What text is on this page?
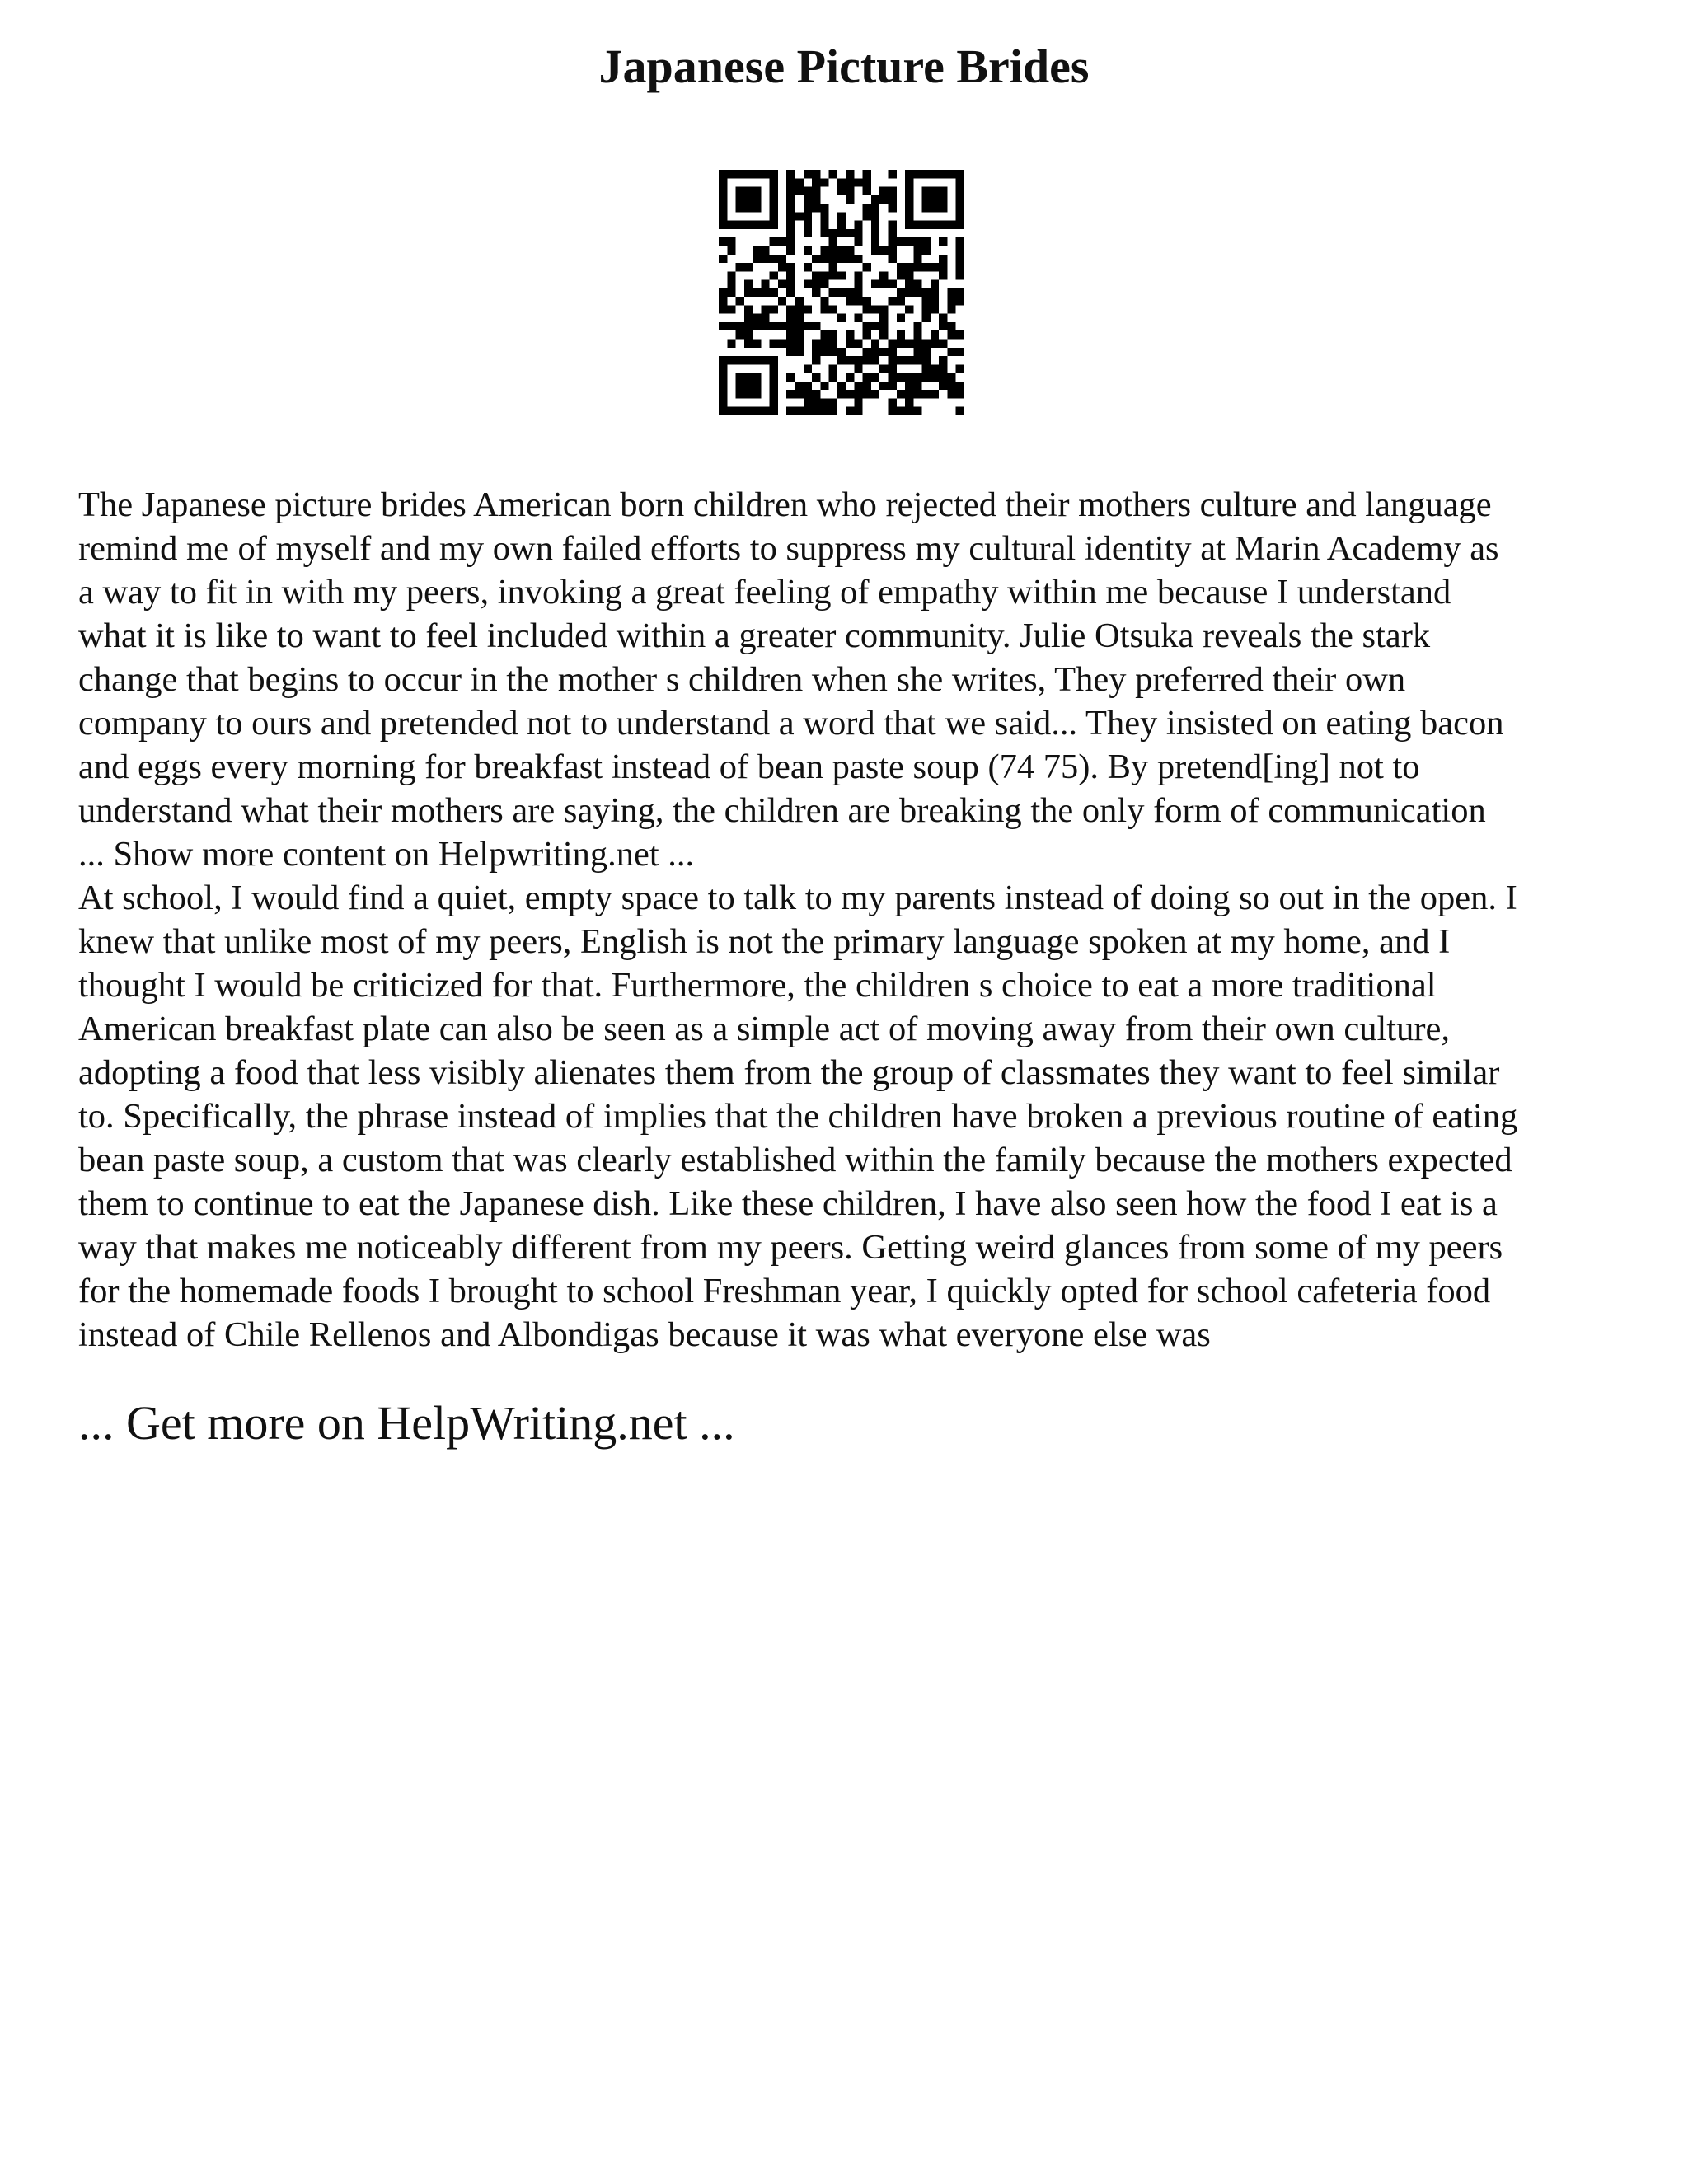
Japanese Picture Brides
The Japanese picture brides American born children who rejected their mothers culture and language
remind me of myself and my own failed efforts to suppress my cultural identity at Marin Academy as
a way to fit in with my peers, invoking a great feeling of empathy within me because I understand
what it is like to want to feel included within a greater community. Julie Otsuka reveals the stark
change that begins to occur in the mother s children when she writes, They preferred their own
company to ours and pretended not to understand a word that we said... They insisted on eating bacon
and eggs every morning for breakfast instead of bean paste soup (74 75). By pretend[ing] not to
understand what their mothers are saying, the children are breaking the only form of communication
... Show more content on Helpwriting.net ...
At school, I would find a quiet, empty space to talk to my parents instead of doing so out in the open. I
knew that unlike most of my peers, English is not the primary language spoken at my home, and I
thought I would be criticized for that. Furthermore, the children s choice to eat a more traditional
American breakfast plate can also be seen as a simple act of moving away from their own culture,
adopting a food that less visibly alienates them from the group of classmates they want to feel similar
to. Specifically, the phrase instead of implies that the children have broken a previous routine of eating
bean paste soup, a custom that was clearly established within the family because the mothers expected
them to continue to eat the Japanese dish. Like these children, I have also seen how the food I eat is a
way that makes me noticeably different from my peers. Getting weird glances from some of my peers
for the homemade foods I brought to school Freshman year, I quickly opted for school cafeteria food
instead of Chile Rellenos and Albondigas because it was what everyone else was
... Get more on HelpWriting.net ...
